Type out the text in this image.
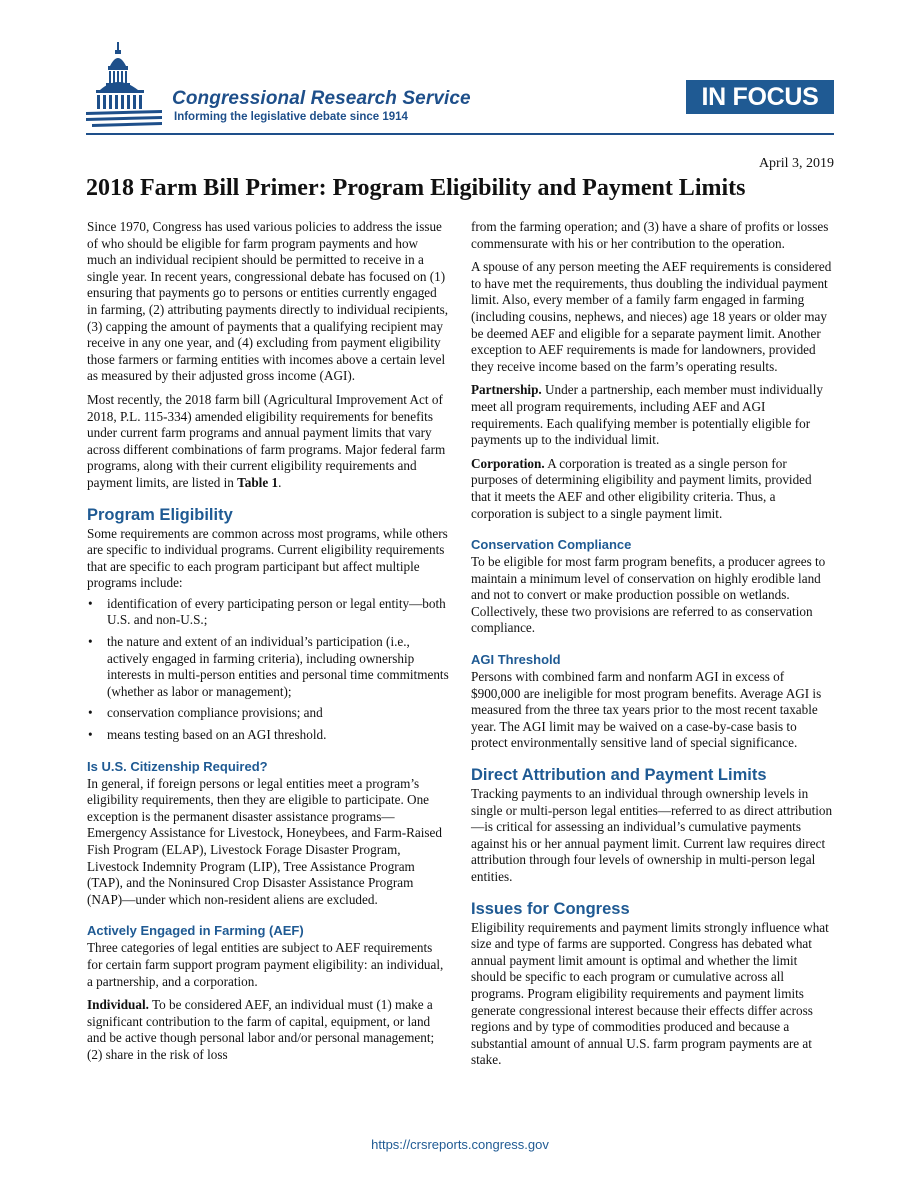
Congressional Research Service
Informing the legislative debate since 1914
IN FOCUS
April 3, 2019
2018 Farm Bill Primer: Program Eligibility and Payment Limits

Since 1970, Congress has used various policies to address the issue of who should be eligible for farm program payments and how much an individual recipient should be permitted to receive in a single year. In recent years, congressional debate has focused on (1) ensuring that payments go to persons or entities currently engaged in farming, (2) attributing payments directly to individual recipients, (3) capping the amount of payments that a qualifying recipient may receive in any one year, and (4) excluding from payment eligibility those farmers or farming entities with incomes above a certain level as measured by their adjusted gross income (AGI).

Most recently, the 2018 farm bill (Agricultural Improvement Act of 2018, P.L. 115-334) amended eligibility requirements for benefits under current farm programs and annual payment limits that vary across different combinations of farm programs. Major federal farm programs, along with their current eligibility requirements and payment limits, are listed in Table 1.

Program Eligibility

Some requirements are common across most programs, while others are specific to individual programs. Current eligibility requirements that are specific to each program participant but affect multiple programs include:

• identification of every participating person or legal entity—both U.S. and non-U.S.;
• the nature and extent of an individual’s participation (i.e., actively engaged in farming criteria), including ownership interests in multi-person entities and personal time commitments (whether as labor or management);
• conservation compliance provisions; and
• means testing based on an AGI threshold.
Is U.S. Citizenship Required?

In general, if foreign persons or legal entities meet a program’s eligibility requirements, then they are eligible to participate. One exception is the permanent disaster assistance programs—Emergency Assistance for Livestock, Honeybees, and Farm-Raised Fish Program (ELAP), Livestock Forage Disaster Program, Livestock Indemnity Program (LIP), Tree Assistance Program (TAP), and the Noninsured Crop Disaster Assistance Program (NAP)—under which non-resident aliens are excluded.

Actively Engaged in Farming (AEF)

Three categories of legal entities are subject to AEF requirements for certain farm support program payment eligibility: an individual, a partnership, and a corporation.

Individual. To be considered AEF, an individual must (1) make a significant contribution to the farm of capital, equipment, or land and be active though personal labor and/or personal management; (2) share in the risk of loss

from the farming operation; and (3) have a share of profits or losses commensurate with his or her contribution to the operation.

A spouse of any person meeting the AEF requirements is considered to have met the requirements, thus doubling the individual payment limit. Also, every member of a family farm engaged in farming (including cousins, nephews, and nieces) age 18 years or older may be deemed AEF and eligible for a separate payment limit. Another exception to AEF requirements is made for landowners, provided they receive income based on the farm’s operating results.

Partnership. Under a partnership, each member must individually meet all program requirements, including AEF and AGI requirements. Each qualifying member is potentially eligible for payments up to the individual limit.

Corporation. A corporation is treated as a single person for purposes of determining eligibility and payment limits, provided that it meets the AEF and other eligibility criteria. Thus, a corporation is subject to a single payment limit.

Conservation Compliance

To be eligible for most farm program benefits, a producer agrees to maintain a minimum level of conservation on highly erodible land and not to convert or make production possible on wetlands. Collectively, these two provisions are referred to as conservation compliance.

AGI Threshold

Persons with combined farm and nonfarm AGI in excess of $900,000 are ineligible for most program benefits. Average AGI is measured from the three tax years prior to the most recent taxable year. The AGI limit may be waived on a case-by-case basis to protect environmentally sensitive land of special significance.

Direct Attribution and Payment Limits

Tracking payments to an individual through ownership levels in single or multi-person legal entities—referred to as direct attribution—is critical for assessing an individual’s cumulative payments against his or her annual payment limit. Current law requires direct attribution through four levels of ownership in multi-person legal entities.

Issues for Congress

Eligibility requirements and payment limits strongly influence what size and type of farms are supported. Congress has debated what annual payment limit amount is optimal and whether the limit should be specific to each program or cumulative across all programs. Program eligibility requirements and payment limits generate congressional interest because their effects differ across regions and by type of commodities produced and because a substantial amount of annual U.S. farm program payments are at stake.

https://crsreports.congress.gov
